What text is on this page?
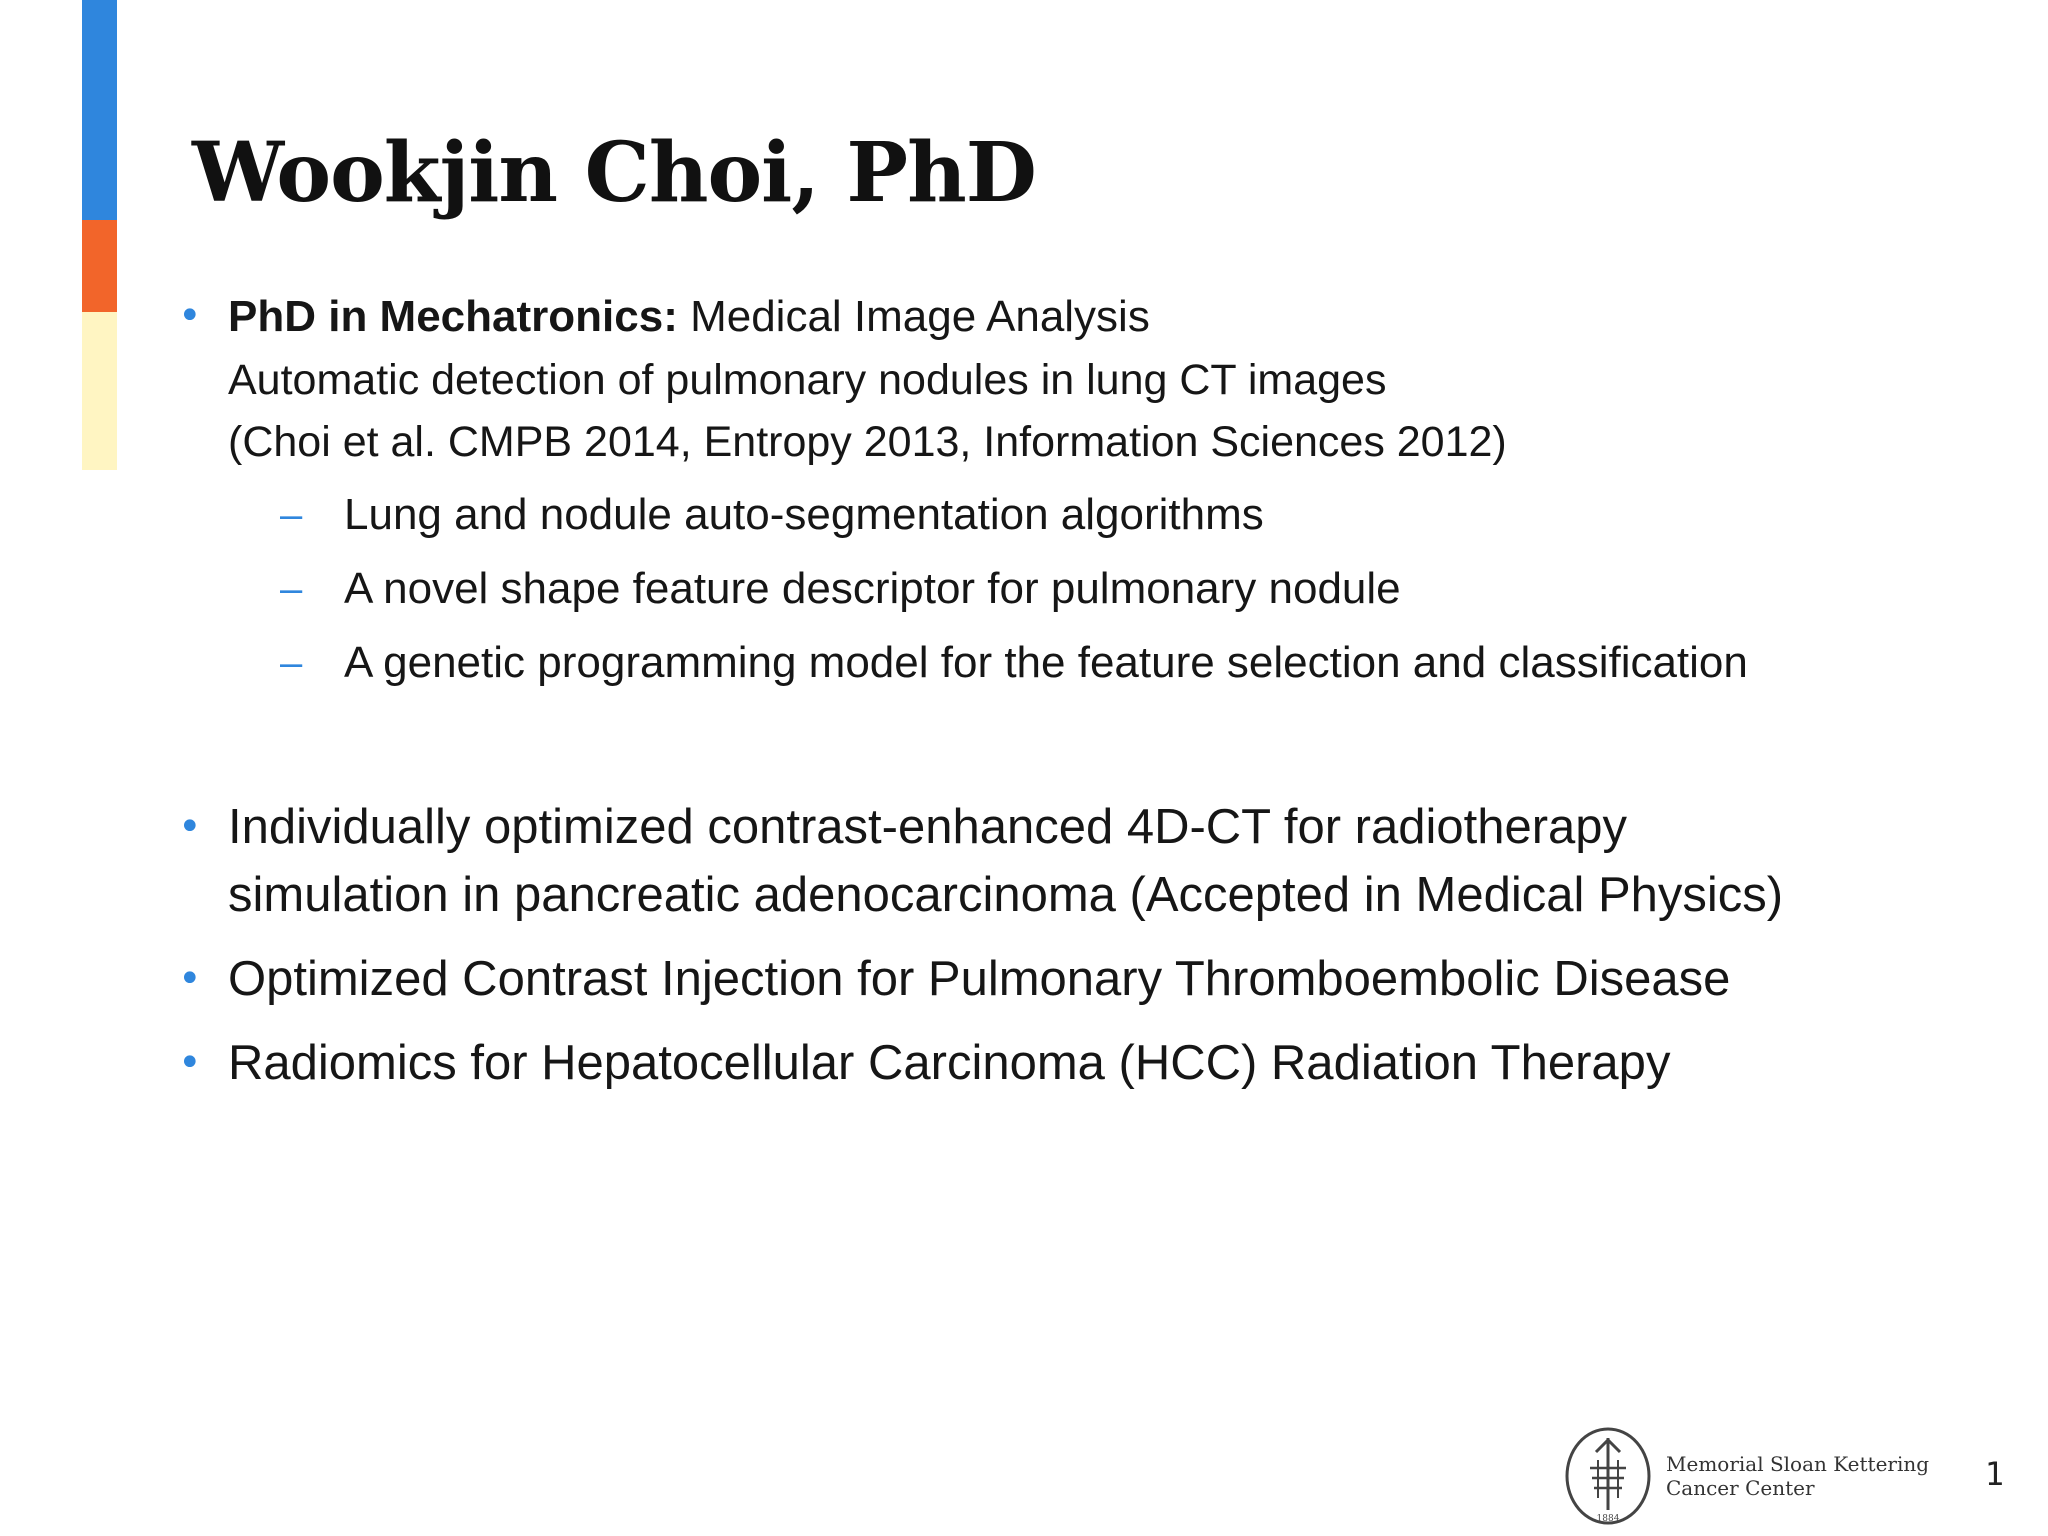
Wookjin Choi, PhD
• PhD in Mechatronics: Medical Image Analysis
Automatic detection of pulmonary nodules in lung CT images
(Choi et al. CMPB 2014, Entropy 2013, Information Sciences 2012)
– Lung and nodule auto-segmentation algorithms
– A novel shape feature descriptor for pulmonary nodule
– A genetic programming model for the feature selection and classification
• Individually optimized contrast-enhanced 4D-CT for radiotherapy simulation in pancreatic adenocarcinoma (Accepted in Medical Physics)
• Optimized Contrast Injection for Pulmonary Thromboembolic Disease
• Radiomics for Hepatocellular Carcinoma (HCC) Radiation Therapy
1884
Memorial Sloan Kettering
Cancer Center	1
